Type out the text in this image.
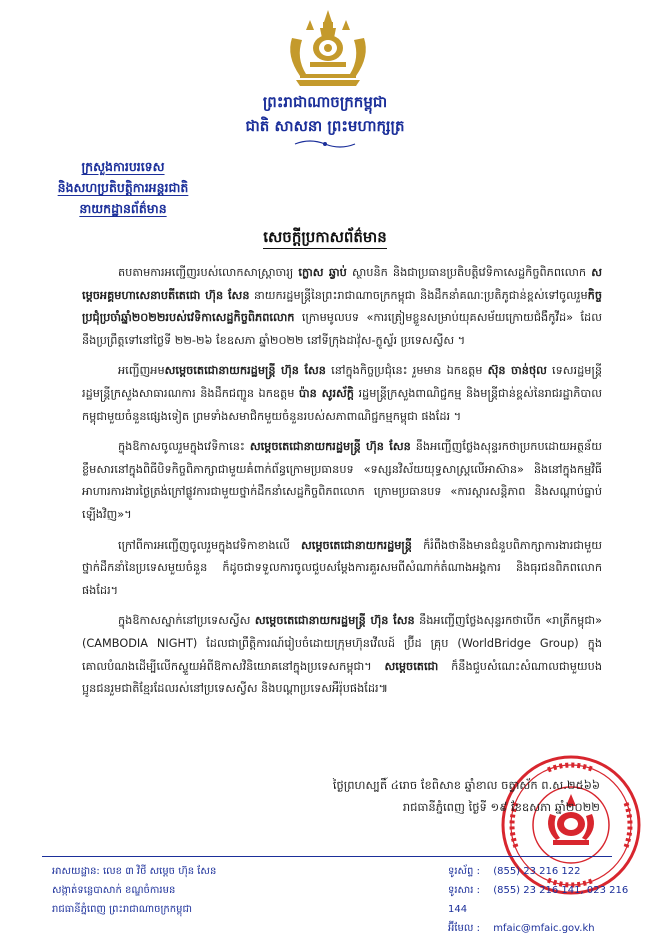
ព្រះរាជាណាចក្រកម្ពុជា
ជាតិ សាសនា ព្រះមហាក្សត្រ
ក្រសួងការបរទេស
និងសហប្រតិបត្តិការអន្តរជាតិ
នាយកដ្ឋានព័ត៌មាន
សេចក្តីប្រកាសព័ត៌មាន

តបតាមការអញ្ជើញរបស់លោកសាស្ត្រាចារ្យ ក្លោស ឆ្វាប់ ស្ថាបនិក និងជាប្រធានប្រតិបត្តិវេទិកាសេដ្ឋកិច្ចពិភពលោក សម្តេចអគ្គមហាសេនាបតីតេជោ ហ៊ុន សែន នាយករដ្ឋមន្ត្រីនៃព្រះរាជាណាចក្រកម្ពុជា និងដឹកនាំគណៈប្រតិភូជាន់ខ្ពស់ទៅចូលរួមកិច្ចប្រជុំប្រចាំឆ្នាំ២០២២របស់វេទិកាសេដ្ឋកិច្ចពិភពលោក ក្រោមមូលបទ «ការត្រៀមខ្លួនសម្រាប់យុគសម័យក្រោយជំងឺកូវីដ» ដែលនឹងប្រព្រឹត្តទៅនៅថ្ងៃទី ២២-២៦ ខែឧសភា ឆ្នាំ២០២២ នៅទីក្រុងដាវ៉ុស-ក្លូស្ទ័រ ប្រទេសស្វីស ។

អញ្ជើញអមសម្តេចតេជោនាយករដ្ឋមន្ត្រី ហ៊ុន សែន នៅក្នុងកិច្ចប្រជុំនេះ រួមមាន ឯកឧត្តម ស៊ុន ចាន់ថុល ទេសរដ្ឋមន្ត្រី រដ្ឋមន្ត្រីក្រសួងសាធារណការ និងដឹកជញ្ជូន ឯកឧត្តម ប៉ាន សូរស័ក្តិ រដ្ឋមន្ត្រីក្រសួងពាណិជ្ជកម្ម និងមន្ត្រីជាន់ខ្ពស់នៃរាជរដ្ឋាភិបាលកម្ពុជាមួយចំនួនផ្សេងទៀត ព្រមទាំងសមាជិកមួយចំនួនរបស់សភាពាណិជ្ជកម្មកម្ពុជា ផងដែរ ។

ក្នុងឱកាសចូលរួមក្នុងវេទិកានេះ សម្តេចតេជោនាយករដ្ឋមន្ត្រី ហ៊ុន សែន នឹងអញ្ជើញថ្លែងសុន្ទរកថាប្រកបដោយអត្ថន័យខ្លឹមសារនៅក្នុងពិធីបិទកិច្ចពិភាក្សាជាមួយគំពាក់ព័ន្ធក្រោមប្រធានបទ «ទស្សនវិស័យយុទ្ធសាស្ត្រលើអាស៊ាន» និងនៅក្នុងកម្មវិធីអាហារការងារថ្ងៃត្រង់ក្រៅផ្លូវការជាមួយថ្នាក់ដឹកនាំសេដ្ឋកិច្ចពិភពលោក ក្រោមប្រធានបទ «ការស្តារសន្តិភាព និងសណ្តាប់ធ្នាប់ឡើងវិញ»។

ក្រៅពីការអញ្ជើញចូលរួមក្នុងវេទិកាខាងលើ សម្តេចតេជោនាយករដ្ឋមន្ត្រី ក៏រំពឹងថានឹងមានជំនួបពិភាក្សាការងារជាមួយថ្នាក់ដឹកនាំនៃប្រទេសមួយចំនួន ក៏ដូចជាទទួលការចូលជួបសម្តែងការគួរសមពីសំណាក់តំណាងអង្គការ និងធុរជនពិភពលោក ផងដែរ។

ក្នុងឱកាសស្នាក់នៅប្រទេសស្វីស សម្តេចតេជោនាយករដ្ឋមន្ត្រី ហ៊ុន សែន នឹងអញ្ជើញថ្លែងសុន្ទរកថាបើក «រាត្រីកម្ពុជា» (CAMBODIA NIGHT) ដែលជាព្រឹត្តិការណ៍រៀបចំដោយក្រុមហ៊ុនវើលដ៍ ប្រ៊ីដ គ្រុប (WorldBridge Group) ក្នុងគោលបំណងដើម្បីលើកស្ទួយអំពីឱកាសវិនិយោគនៅក្នុងប្រទេសកម្ពុជា។ សម្តេចតេជោ ក៏នឹងជួបសំណេះសំណាលជាមួយបងប្អូនជនរួមជាតិខ្មែរដែលរស់នៅប្រទេសស្វីស និងបណ្តាប្រទេសអឺរ៉ុបផងដែរ៕

ថ្ងៃព្រហស្បតិ៍ ៤រោច ខែពិសាខ ឆ្នាំខាល ចត្វាស័ក ព.ស.២៥៦៦
រាជធានីភ្នំពេញ ថ្ងៃទី ១៩ ខែឧសភា ឆ្នាំ២០២២
អាសយដ្ឋាន: លេខ ៣ វិថី សម្តេច ហ៊ុន សែន
សង្កាត់ទន្លេបាសាក់ ខណ្ឌចំការមន
រាជធានីភ្នំពេញ ព្រះរាជាណាចក្រកម្ពុជា
ទូរស័ព្ទ : (855) 23 216 122
ទូរសារ : (855) 23 216 141, 023 216 144
អ៊ីមែល : mfaic@mfaic.gov.kh
